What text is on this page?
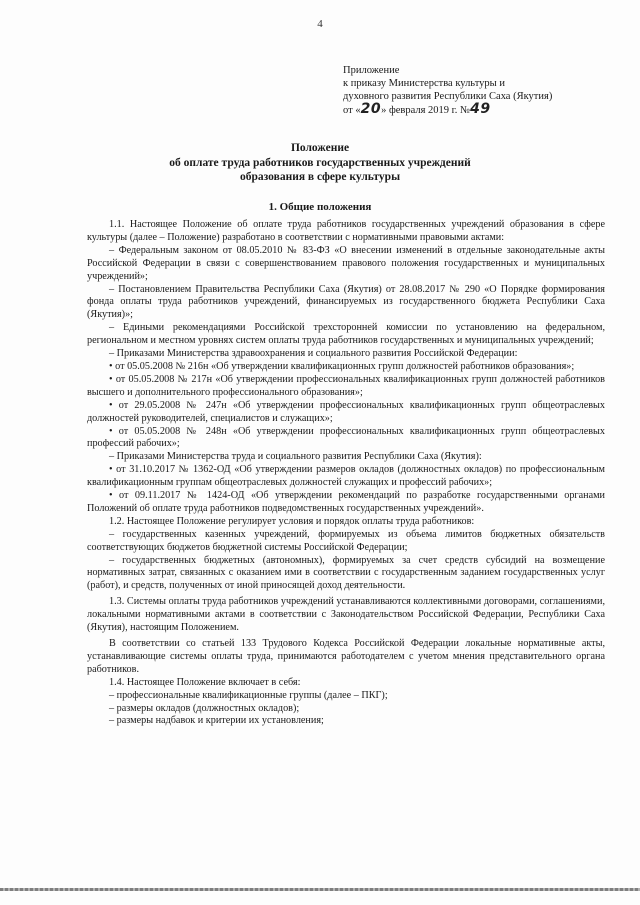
4
Приложение
к приказу Министерства культуры и
духовного развития Республики Саха (Якутия)
от «20» февраля 2019 г. №49
Положение
об оплате труда работников государственных учреждений
образования в сфере культуры
1. Общие положения

1.1. Настоящее Положение об оплате труда работников государственных учреждений образования в сфере культуры (далее – Положение) разработано в соответствии с нормативными правовыми актами:

– Федеральным законом от 08.05.2010 № 83-ФЗ «О внесении изменений в отдельные законодательные акты Российской Федерации в связи с совершенствованием правового положения государственных и муниципальных учреждений»;

– Постановлением Правительства Республики Саха (Якутия) от 28.08.2017 № 290 «О Порядке формирования фонда оплаты труда работников учреждений, финансируемых из государственного бюджета Республики Саха (Якутия)»;

– Едиными рекомендациями Российской трехсторонней комиссии по установлению на федеральном, региональном и местном уровнях систем оплаты труда работников государственных и муниципальных учреждений;

– Приказами Министерства здравоохранения и социального развития Российской Федерации:

• от 05.05.2008 № 216н «Об утверждении квалификационных групп должностей работников образования»;

• от 05.05.2008 № 217н «Об утверждении профессиональных квалификационных групп должностей работников высшего и дополнительного профессионального образования»;

• от 29.05.2008 № 247н «Об утверждении профессиональных квалификационных групп общеотраслевых должностей руководителей, специалистов и служащих»;

• от 05.05.2008 № 248н «Об утверждении профессиональных квалификационных групп общеотраслевых профессий рабочих»;

– Приказами Министерства труда и социального развития Республики Саха (Якутия):

• от 31.10.2017 № 1362-ОД «Об утверждении размеров окладов (должностных окладов) по профессиональным квалификационным группам общеотраслевых должностей служащих и профессий рабочих»;

• от 09.11.2017 № 1424-ОД «Об утверждении рекомендаций по разработке государственными органами Положений об оплате труда работников подведомственных государственных учреждений».

1.2. Настоящее Положение регулирует условия и порядок оплаты труда работников:

– государственных казенных учреждений, формируемых из объема лимитов бюджетных обязательств соответствующих бюджетов бюджетной системы Российской Федерации;

– государственных бюджетных (автономных), формируемых за счет средств субсидий на возмещение нормативных затрат, связанных с оказанием ими в соответствии с государственным заданием государственных услуг (работ), и средств, полученных от иной приносящей доход деятельности.

1.3. Системы оплаты труда работников учреждений устанавливаются коллективными договорами, соглашениями, локальными нормативными актами в соответствии с Законодательством Российской Федерации, Республики Саха (Якутия), настоящим Положением.

В соответствии со статьей 133 Трудового Кодекса Российской Федерации локальные нормативные акты, устанавливающие системы оплаты труда, принимаются работодателем с учетом мнения представительного органа работников.

1.4. Настоящее Положение включает в себя:

– профессиональные квалификационные группы (далее – ПКГ);

– размеры окладов (должностных окладов);

– размеры надбавок и критерии их установления;
